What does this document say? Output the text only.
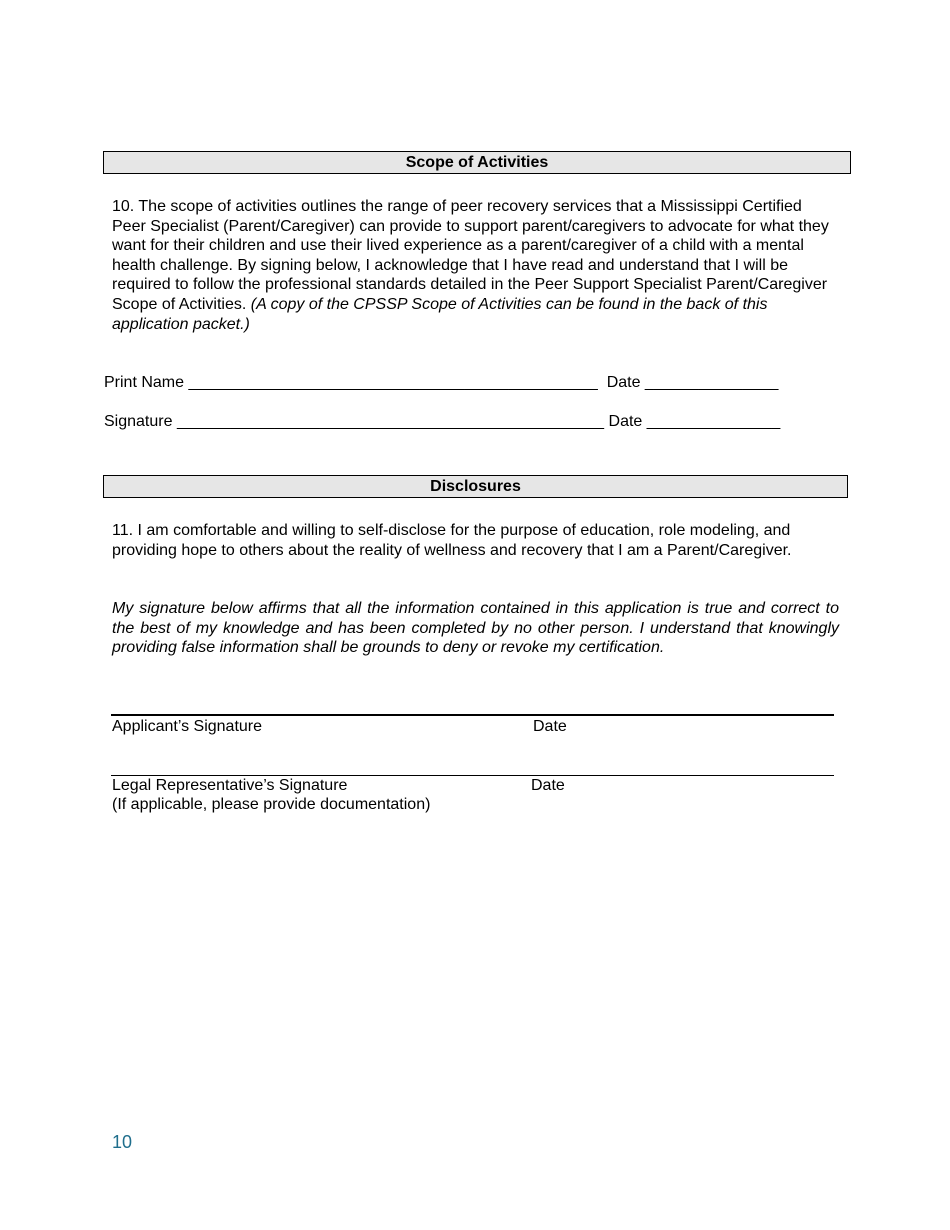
Scope of Activities
10. The scope of activities outlines the range of peer recovery services that a Mississippi Certified Peer Specialist (Parent/Caregiver) can provide to support parent/caregivers to advocate for what they want for their children and use their lived experience as a parent/caregiver of a child with a mental health challenge. By signing below, I acknowledge that I have read and understand that I will be required to follow the professional standards detailed in the Peer Support Specialist Parent/Caregiver Scope of Activities. (A copy of the CPSSP Scope of Activities can be found in the back of this application packet.)
Print Name ______________________________________________  Date _______________
Signature ________________________________________________ Date _______________
Disclosures
11. I am comfortable and willing to self-disclose for the purpose of education, role modeling, and providing hope to others about the reality of wellness and recovery that I am a Parent/Caregiver.
My signature below affirms that all the information contained in this application is true and correct to the best of my knowledge and has been completed by no other person. I understand that knowingly providing false information shall be grounds to deny or revoke my certification.
Applicant’s Signature	Date
Legal Representative’s Signature	Date
(If applicable, please provide documentation)
10
